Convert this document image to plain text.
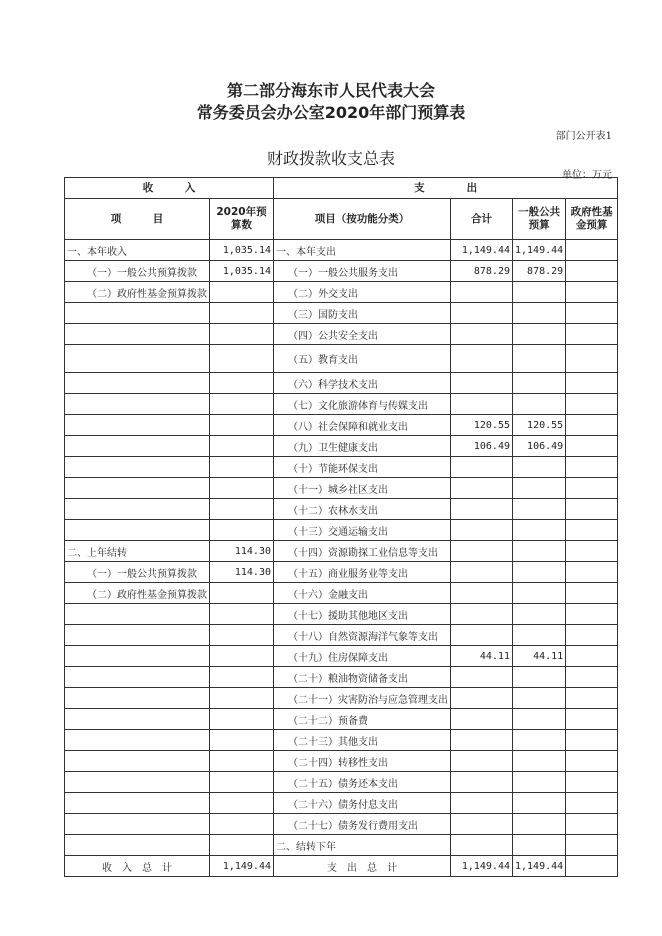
第二部分海东市人民代表大会
常务委员会办公室2020年部门预算表
部门公开表1
财政拨款收支总表
单位：万元
收　　　入		支　　　　出			
项　　　目	2020年预算数	项目（按功能分类）	合计	一般公共预算	政府性基金预算
一、本年收入	1,035.14	一、本年支出	1,149.44	1,149.44	
（一）一般公共预算拨款	1,035.14	（一）一般公共服务支出	878.29	878.29	
（二）政府性基金预算拨款		（二）外交支出			
		（三）国防支出			
		（四）公共安全支出			
		（五）教育支出			
		（六）科学技术支出			
		（七）文化旅游体育与传媒支出			
		（八）社会保障和就业支出	120.55	120.55	
		（九）卫生健康支出	106.49	106.49	
		（十）节能环保支出			
		（十一）城乡社区支出			
		（十二）农林水支出			
		（十三）交通运输支出			
二、上年结转	114.30	（十四）资源勘探工业信息等支出			
（一）一般公共预算拨款	114.30	（十五）商业服务业等支出			
（二）政府性基金预算拨款		（十六）金融支出			
		（十七）援助其他地区支出			
		（十八）自然资源海洋气象等支出			
		（十九）住房保障支出	44.11	44.11	
		（二十）粮油物资储备支出			
		（二十一）灾害防治与应急管理支出			
		（二十二）预备费			
		（二十三）其他支出			
		（二十四）转移性支出			
		（二十五）债务还本支出			
		（二十六）债务付息支出			
		（二十七）债务发行费用支出			
		二、结转下年			
收　入　总　计	1,149.44	支　出　总　计	1,149.44	1,149.44	
